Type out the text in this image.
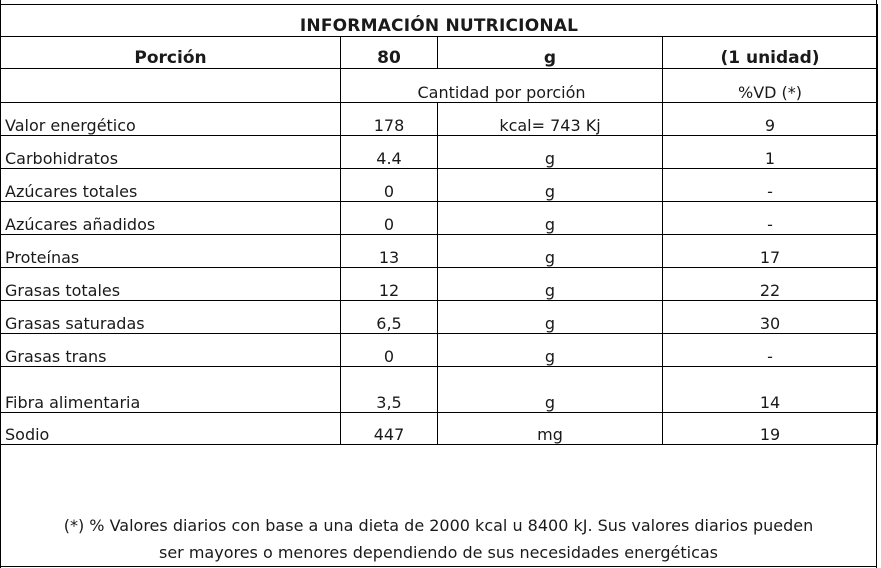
INFORMACIÓN NUTRICIONAL			
Porción	80	g	(1 unidad)
	Cantidad por porción		%VD (*)
Valor energético	178	kcal= 743 Kj	9
Carbohidratos	4.4	g	1
Azúcares totales	0	g	-
Azúcares añadidos	0	g	-
Proteínas	13	g	17
Grasas totales	12	g	22
Grasas saturadas	6,5	g	30
Grasas trans	0	g	-
Fibra alimentaria	3,5	g	14
Sodio	447	mg	19
(*) % Valores diarios con base a una dieta de 2000 kcal u 8400 kJ. Sus valores diarios pueden
ser mayores o menores dependiendo de sus necesidades energéticas
